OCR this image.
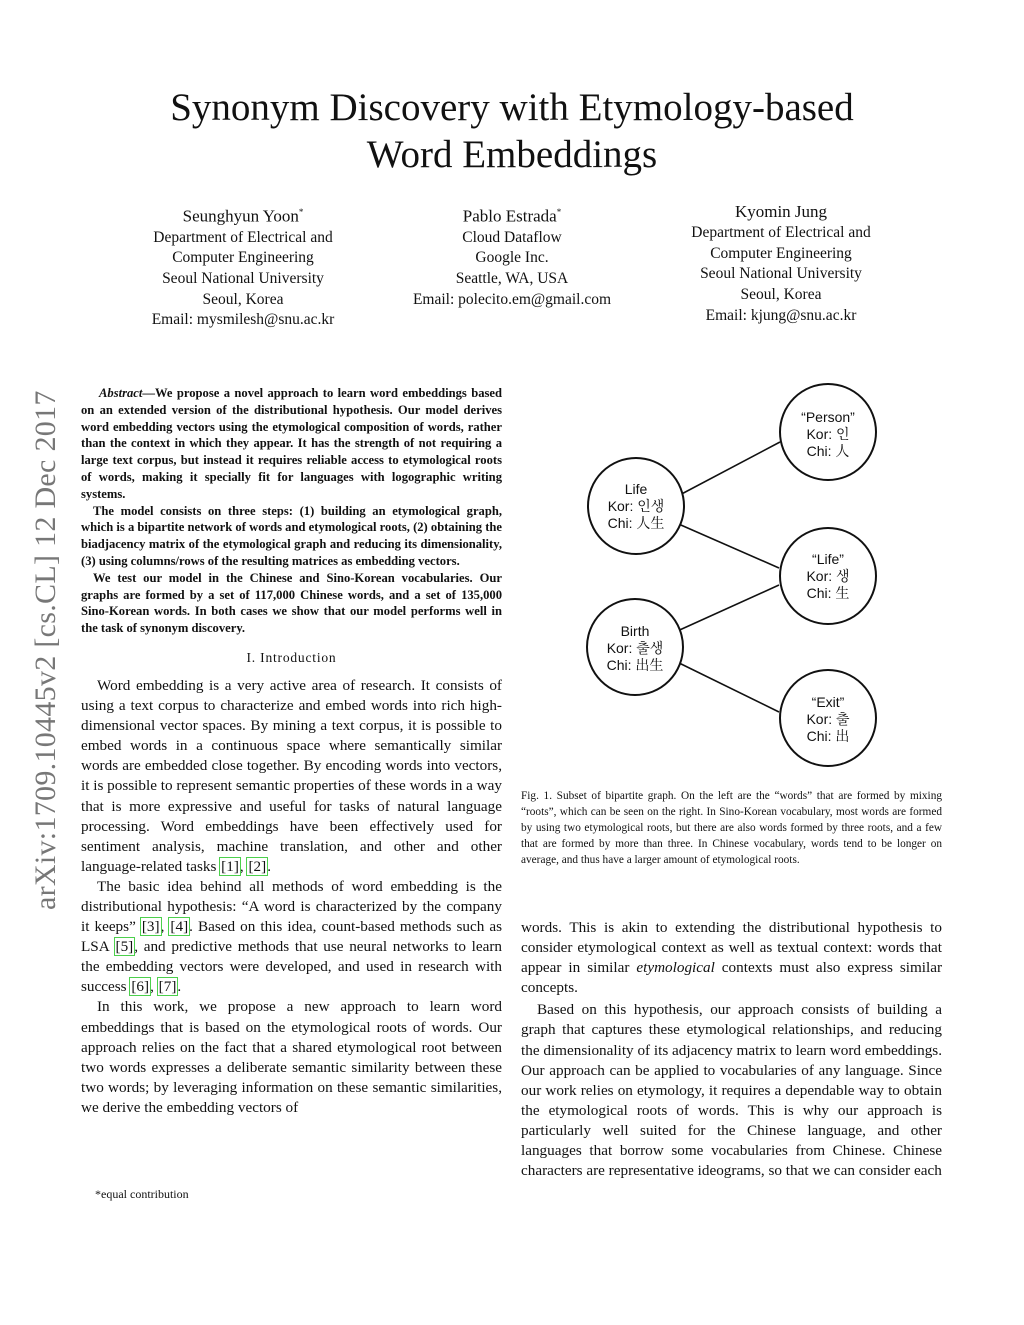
arXiv:1709.10445v2 [cs.CL] 12 Dec 2017
Synonym Discovery with Etymology-based
Word Embeddings
Seunghyun Yoon*
Department of Electrical and
Computer Engineering
Seoul National University
Seoul, Korea
Email: mysmilesh@snu.ac.kr
Pablo Estrada*
Cloud Dataflow
Google Inc.
Seattle, WA, USA
Email: polecito.em@gmail.com
Kyomin Jung
Department of Electrical and
Computer Engineering
Seoul National University
Seoul, Korea
Email: kjung@snu.ac.kr

Abstract—We propose a novel approach to learn word embeddings based on an extended version of the distributional hypothesis. Our model derives word embedding vectors using the etymological composition of words, rather than the context in which they appear. It has the strength of not requiring a large text corpus, but instead it requires reliable access to etymological roots of words, making it specially fit for languages with logographic writing systems.

The model consists on three steps: (1) building an etymological graph, which is a bipartite network of words and etymological roots, (2) obtaining the biadjacency matrix of the etymological graph and reducing its dimensionality, (3) using columns/rows of the resulting matrices as embedding vectors.

We test our model in the Chinese and Sino-Korean vocabularies. Our graphs are formed by a set of 117,000 Chinese words, and a set of 135,000 Sino-Korean words. In both cases we show that our model performs well in the task of synonym discovery.

I. Introduction

Word embedding is a very active area of research. It consists of using a text corpus to characterize and embed words into rich high-dimensional vector spaces. By mining a text corpus, it is possible to embed words in a continuous space where semantically similar words are embedded close together. By encoding words into vectors, it is possible to represent semantic properties of these words in a way that is more expressive and useful for tasks of natural language processing. Word embeddings have been effectively used for sentiment analysis, machine translation, and other and other language-related tasks [1], [2].

The basic idea behind all methods of word embedding is the distributional hypothesis: “A word is characterized by the company it keeps” [3], [4]. Based on this idea, count-based methods such as LSA [5], and predictive methods that use neural networks to learn the embedding vectors were developed, and used in research with success [6], [7].

In this work, we propose a new approach to learn word embeddings that is based on the etymological roots of words. Our approach relies on the fact that a shared etymological root between two words expresses a deliberate semantic similarity between these two words; by leveraging information on these semantic similarities, we derive the embedding vectors of

*equal contribution
Life
Kor: 인생
Chi: 人生
Birth
Kor: 출생
Chi: 出生
“Person”
Kor: 인
Chi: 人
“Life”
Kor: 생
Chi: 生
“Exit”
Kor: 출
Chi: 出
Fig. 1. Subset of bipartite graph. On the left are the “words” that are formed by mixing “roots”, which can be seen on the right. In Sino-Korean vocabulary, most words are formed by using two etymological roots, but there are also words formed by three roots, and a few that are formed by more than three. In Chinese vocabulary, words tend to be longer on average, and thus have a larger amount of etymological roots.

words. This is akin to extending the distributional hypothesis to consider etymological context as well as textual context: words that appear in similar etymological contexts must also express similar concepts.

Based on this hypothesis, our approach consists of building a graph that captures these etymological relationships, and reducing the dimensionality of its adjacency matrix to learn word embeddings. Our approach can be applied to vocabularies of any language. Since our work relies on etymology, it requires a dependable way to obtain the etymological roots of words. This is why our approach is particularly well suited for the Chinese language, and other languages that borrow some vocabularies from Chinese. Chinese characters are representative ideograms, so that we can consider each
